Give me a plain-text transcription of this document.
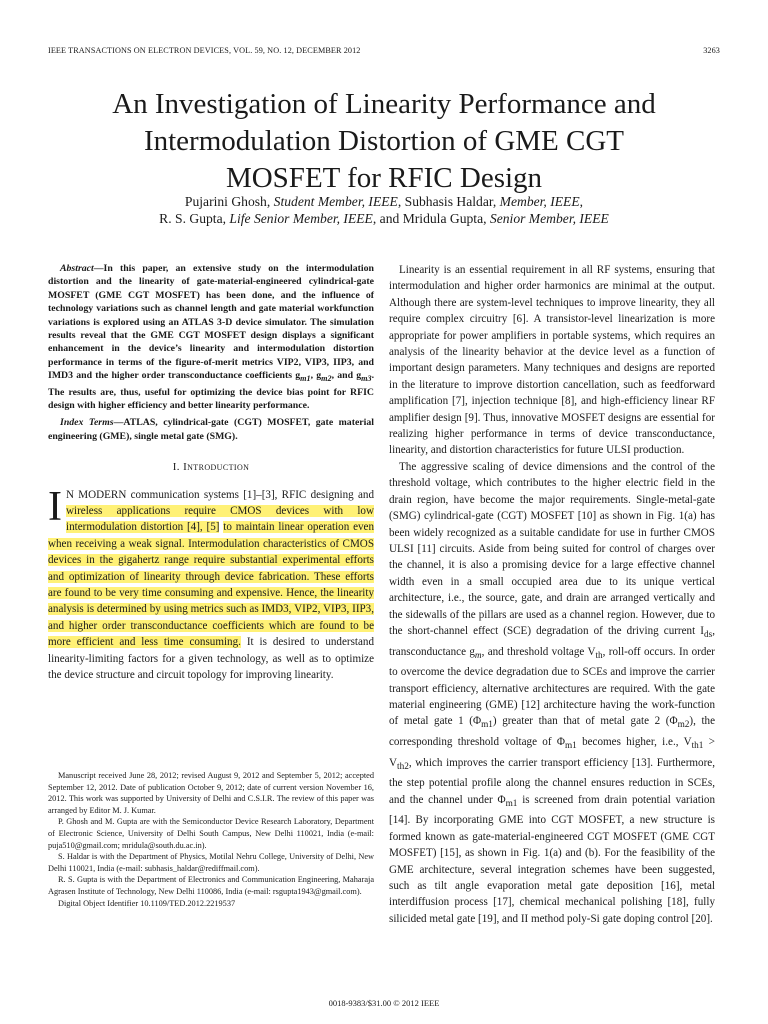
IEEE TRANSACTIONS ON ELECTRON DEVICES, VOL. 59, NO. 12, DECEMBER 2012	3263
An Investigation of Linearity Performance and
Intermodulation Distortion of GME CGT
MOSFET for RFIC Design
Pujarini Ghosh, Student Member, IEEE, Subhasis Haldar, Member, IEEE,
R. S. Gupta, Life Senior Member, IEEE, and Mridula Gupta, Senior Member, IEEE

Abstract—In this paper, an extensive study on the intermodulation distortion and the linearity of gate-material-engineered cylindrical-gate MOSFET (GME CGT MOSFET) has been done, and the influence of technology variations such as channel length and gate material workfunction variations is explored using an ATLAS 3-D device simulator. The simulation results reveal that the GME CGT MOSFET design displays a significant enhancement in the device’s linearity and intermodulation distortion performance in terms of the figure-of-merit metrics VIP2, VIP3, IIP3, and IMD3 and the higher order transconductance coefficients $g_{m1}$, $g_{m2}$, and $g_{m3}$. The results are, thus, useful for optimizing the device bias point for RFIC design with higher efficiency and better linearity performance.

Index Terms—ATLAS, cylindrical-gate (CGT) MOSFET, gate material engineering (GME), single metal gate (SMG).

I. Introduction

I N MODERN communication systems [1]–[3], RFIC designing and wireless applications require CMOS devices with low intermodulation distortion [4], [5] to maintain linear operation even when receiving a weak signal. Intermodulation characteristics of CMOS devices in the gigahertz range require substantial experimental efforts and optimization of linearity through device fabrication. These efforts are found to be very time consuming and expensive. Hence, the linearity analysis is determined by using metrics such as IMD3, VIP2, VIP3, IIP3, and higher order transconductance coefficients which are found to be more efficient and less time consuming. It is desired to understand linearity-limiting factors for a given technology, as well as to optimize the device structure and circuit topology for improving linearity.

Manuscript received June 28, 2012; revised August 9, 2012 and September 5, 2012; accepted September 12, 2012. Date of publication October 9, 2012; date of current version November 16, 2012. This work was supported by University of Delhi and C.S.I.R. The review of this paper was arranged by Editor M. J. Kumar.

P. Ghosh and M. Gupta are with the Semiconductor Device Research Laboratory, Department of Electronic Science, University of Delhi South Campus, New Delhi 110021, India (e-mail: puja510@gmail.com; mridula@south.du.ac.in).

S. Haldar is with the Department of Physics, Motilal Nehru College, University of Delhi, New Delhi 110021, India (e-mail: subhasis_haldar@rediffmail.com).

R. S. Gupta is with the Department of Electronics and Communication Engineering, Maharaja Agrasen Institute of Technology, New Delhi 110086, India (e-mail: rsgupta1943@gmail.com).

Digital Object Identifier 10.1109/TED.2012.2219537

Linearity is an essential requirement in all RF systems, ensuring that intermodulation and higher order harmonics are minimal at the output. Although there are system-level techniques to improve linearity, they all require complex circuitry [6]. A transistor-level linearization is more appropriate for power amplifiers in portable systems, which requires an analysis of the linearity behavior at the device level as a function of important design parameters. Many techniques and designs are reported in the literature to improve distortion cancellation, such as feedforward amplification [7], injection technique [8], and high-efficiency linear RF amplifier design [9]. Thus, innovative MOSFET designs are essential for realizing higher performance in terms of device transconductance, linearity, and distortion characteristics for future ULSI production.

The aggressive scaling of device dimensions and the control of the threshold voltage, which contributes to the higher electric field in the drain region, have become the major requirements. Single-metal-gate (SMG) cylindrical-gate (CGT) MOSFET [10] as shown in Fig. 1(a) has been widely recognized as a suitable candidate for use in further CMOS ULSI [11] circuits. Aside from being suited for control of charges over the channel, it is also a promising device for a large effective channel width even in a small occupied area due to its unique vertical architecture, i.e., the source, gate, and drain are arranged vertically and the sidewalls of the pillars are used as a channel region. However, due to the short-channel effect (SCE) degradation of the driving current $I_{ds}$, transconductance $g_m$, and threshold voltage $V_{th}$, roll-off occurs. In order to overcome the device degradation due to SCEs and improve the carrier transport efficiency, alternative architectures are required. With the gate material engineering (GME) [12] architecture having the work-function of metal gate 1 $(\Phi_{m1})$ greater than that of metal gate 2 $(\Phi_{m2})$, the corresponding threshold voltage of $\Phi_{m1}$ becomes higher, i.e., $V_{th1} > V_{th2}$, which improves the carrier transport efficiency [13]. Furthermore, the step potential profile along the channel ensures reduction in SCEs, and the channel under $\Phi_{m1}$ is screened from drain potential variation [14]. By incorporating GME into CGT MOSFET, a new structure is formed known as gate-material-engineered CGT MOSFET (GME CGT MOSFET) [15], as shown in Fig. 1(a) and (b). For the feasibility of the GME architecture, several integration schemes have been suggested, such as tilt angle evaporation metal gate deposition [16], metal interdiffusion process [17], chemical mechanical polishing [18], fully silicided metal gate [19], and II method poly-Si gate doping control [20].

0018-9383/$31.00 © 2012 IEEE
